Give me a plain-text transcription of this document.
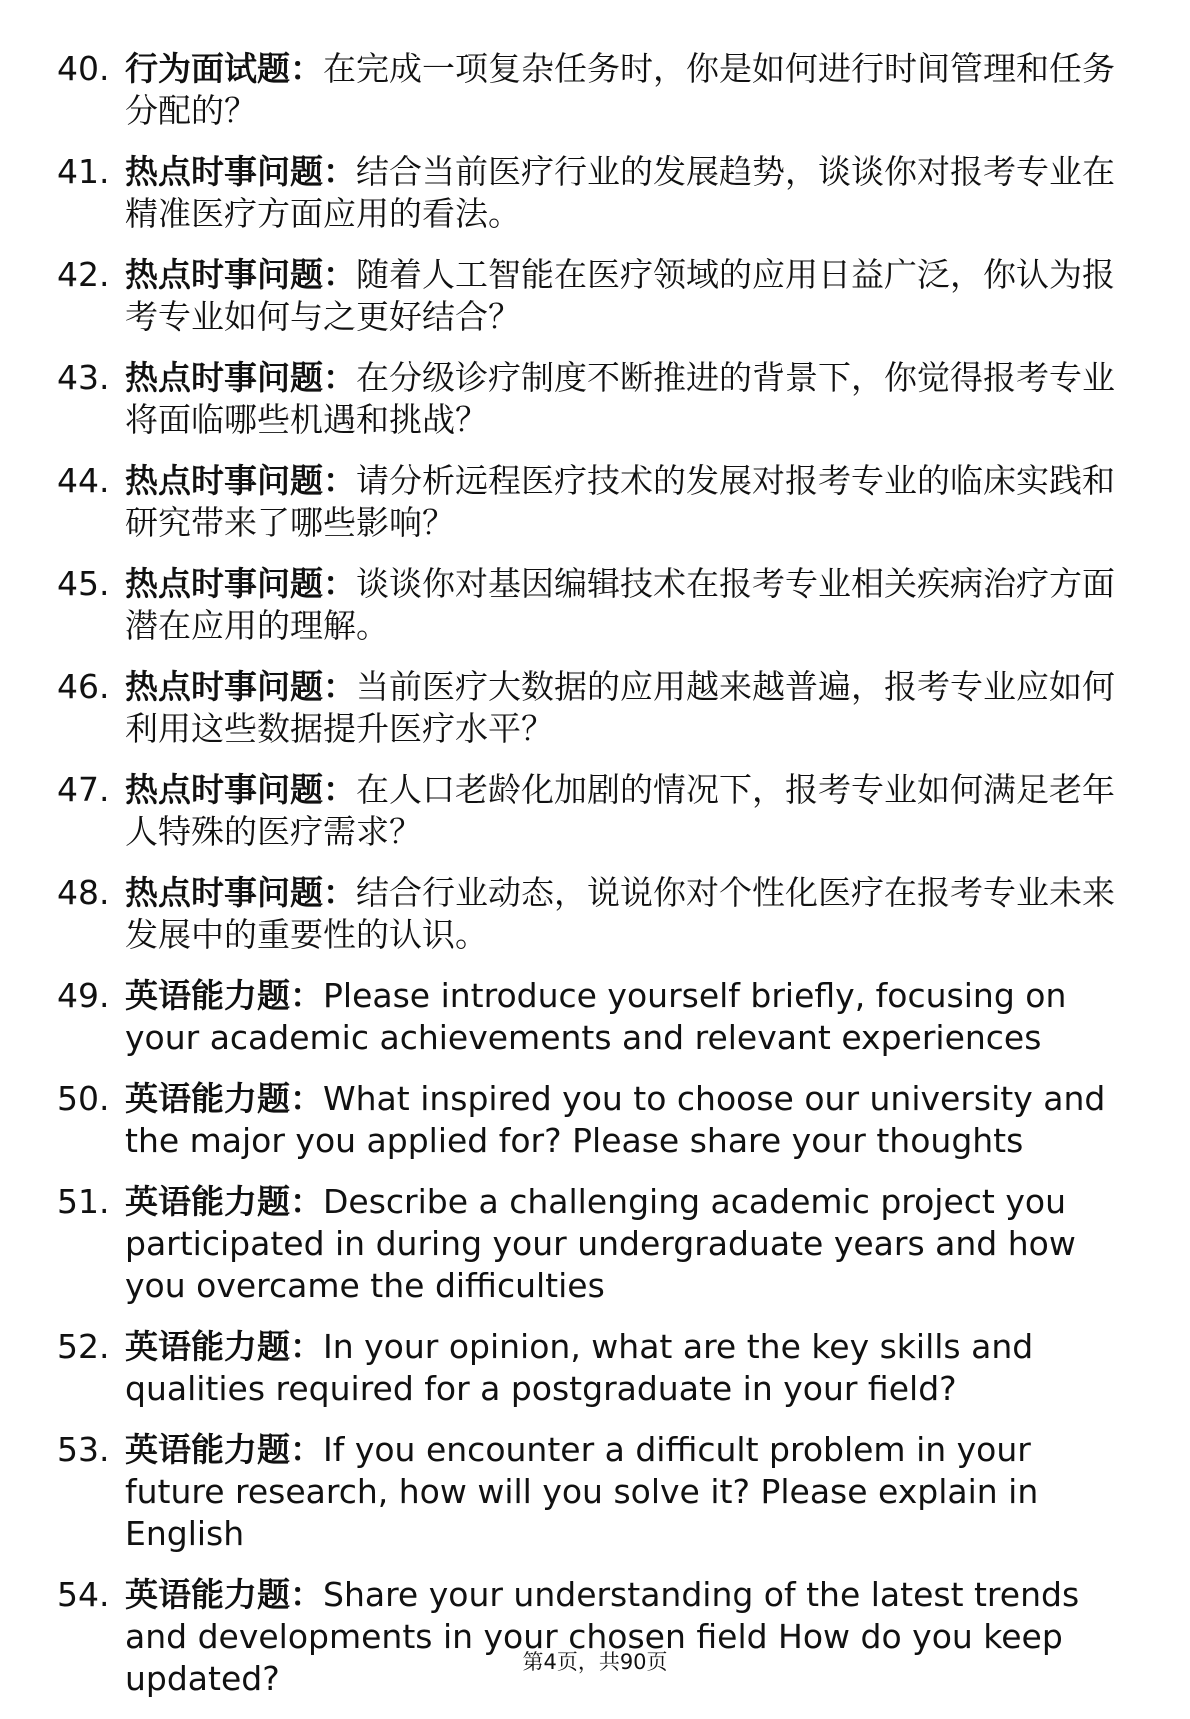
40. 行为面试题：在完成一项复杂任务时，你是如何进行时间管理和任务分配的？
41. 热点时事问题：结合当前医疗行业的发展趋势，谈谈你对报考专业在精准医疗方面应用的看法。
42. 热点时事问题：随着人工智能在医疗领域的应用日益广泛，你认为报考专业如何与之更好结合？
43. 热点时事问题：在分级诊疗制度不断推进的背景下，你觉得报考专业将面临哪些机遇和挑战？
44. 热点时事问题：请分析远程医疗技术的发展对报考专业的临床实践和研究带来了哪些影响？
45. 热点时事问题：谈谈你对基因编辑技术在报考专业相关疾病治疗方面潜在应用的理解。
46. 热点时事问题：当前医疗大数据的应用越来越普遍，报考专业应如何利用这些数据提升医疗水平？
47. 热点时事问题：在人口老龄化加剧的情况下，报考专业如何满足老年人特殊的医疗需求？
48. 热点时事问题：结合行业动态，说说你对个性化医疗在报考专业未来发展中的重要性的认识。
49. 英语能力题：Please introduce yourself briefly, focusing on your academic achievements and relevant experiences
50. 英语能力题：What inspired you to choose our university and the major you applied for? Please share your thoughts
51. 英语能力题：Describe a challenging academic project you participated in during your undergraduate years and how you overcame the difficulties
52. 英语能力题：In your opinion, what are the key skills and qualities required for a postgraduate in your field?
53. 英语能力题：If you encounter a difficult problem in your future research, how will you solve it? Please explain in English
54. 英语能力题：Share your understanding of the latest trends and developments in your chosen field How do you keep updated?	第4页，共90页
